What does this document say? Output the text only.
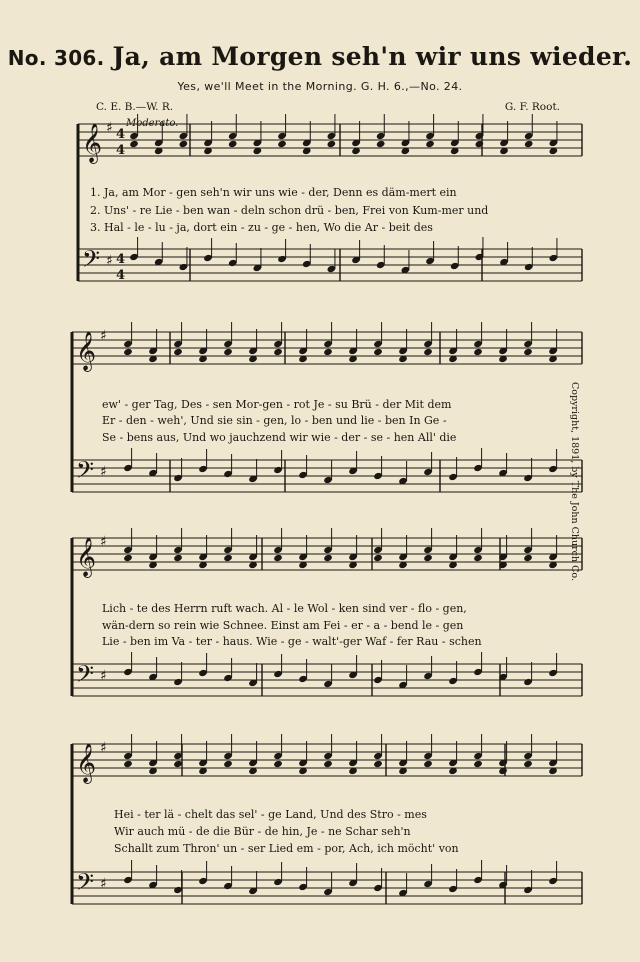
No. 306. Ja, am Morgen seh'n wir uns wieder.
Yes, we'll Meet in the Morning. G. H. 6.,—No. 24.
C. E. B.—W. R.	G. F. Root.
Moderato.
Copyright, 1891, by The John Church Co.
𝄞
𝄢
♯
♯
4
4
4
4
𝄞
𝄢
♯
♯
𝄞
𝄢
♯
♯
𝄞
𝄢
♯
♯
1. Ja, am Mor - gen seh'n wir uns wie - der, Denn es däm-mert ein
2. Uns' - re Lie - ben wan - deln schon drü - ben, Frei von Kum-mer und
3. Hal - le - lu - ja, dort ein - zu - ge - hen, Wo die Ar - beit des
ew' - ger Tag, Des - sen Mor-gen - rot Je - su Brü - der Mit dem
Er - den - weh', Und sie sin - gen, lo - ben und lie - ben In Ge -
Se - bens aus, Und wo jauchzend wir wie - der - se - hen All' die
Lich - te des Herrn ruft wach. Al - le Wol - ken sind ver - flo - gen,
wän-dern so rein wie Schnee. Einst am Fei - er - a - bend le - gen
Lie - ben im Va - ter - haus. Wie - ge - walt'-ger Waf - fer Rau - schen
Hei - ter lä - chelt das sel' - ge Land, Und des Stro - mes
Wir auch mü - de die Bür - de hin, Je - ne Schar seh'n
Schallt zum Thron' un - ser Lied em - por, Ach, ich möcht' von
